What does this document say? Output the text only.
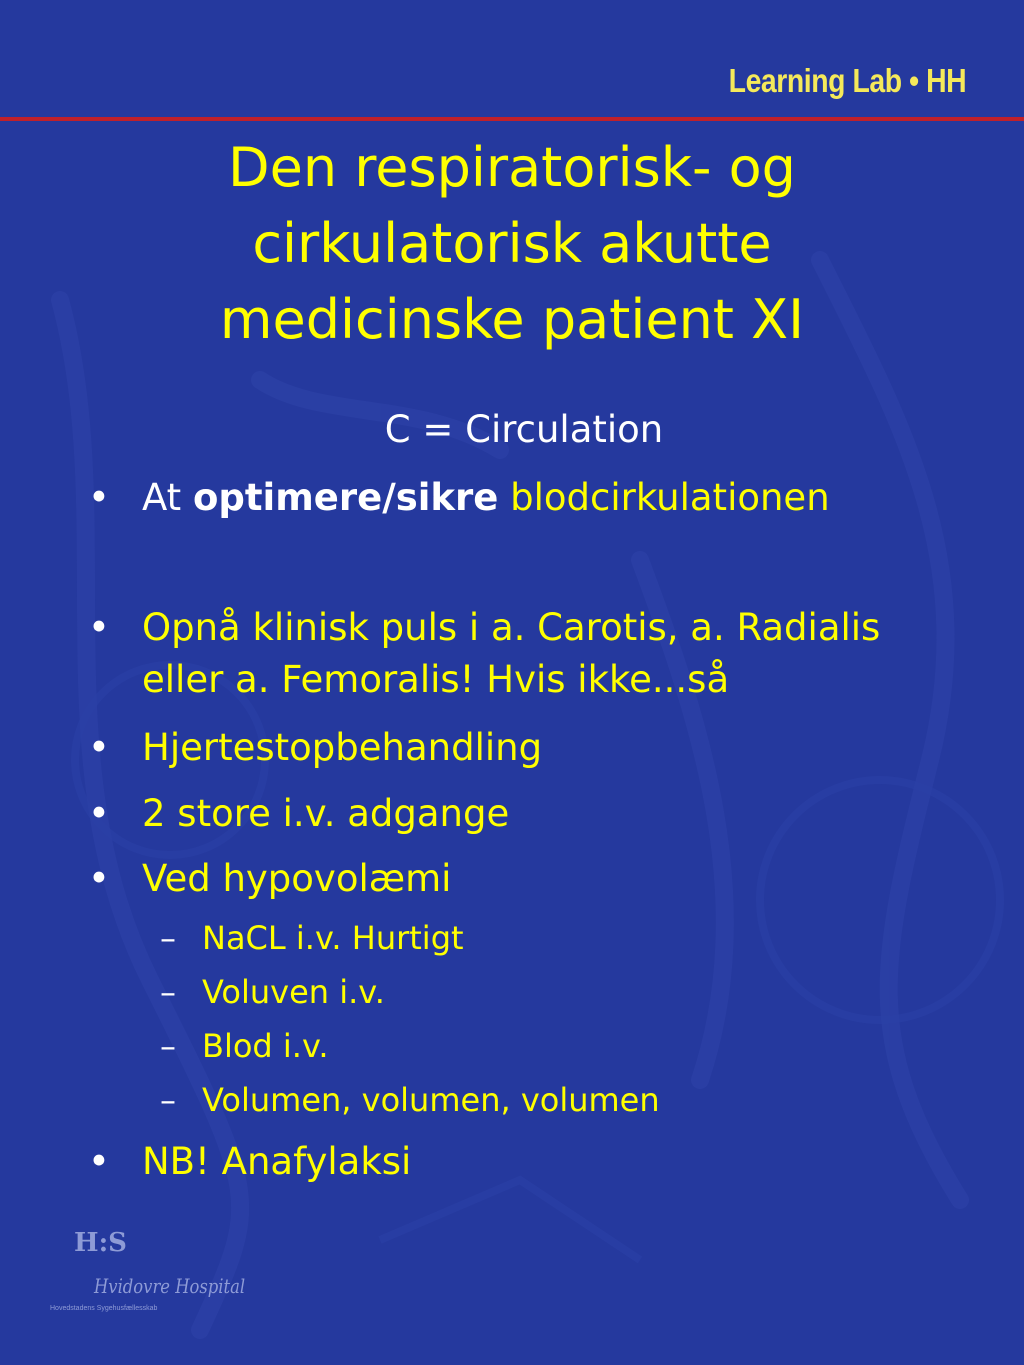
Learning Lab • HH
Den respiratorisk- og
cirkulatorisk akutte
medicinske patient XI
C = Circulation
• At optimere/sikre blodcirkulationen
• Opnå klinisk puls i a. Carotis, a. Radialis
eller a. Femoralis! Hvis ikke...så
• Hjertestopbehandling
• 2 store i.v. adgange
• Ved hypovolæmi
– NaCL i.v. Hurtigt
– Voluven i.v.
– Blod i.v.
– Volumen, volumen, volumen
• NB! Anafylaksi
H:S
Hvidovre Hospital
Hovedstadens Sygehusfællesskab
